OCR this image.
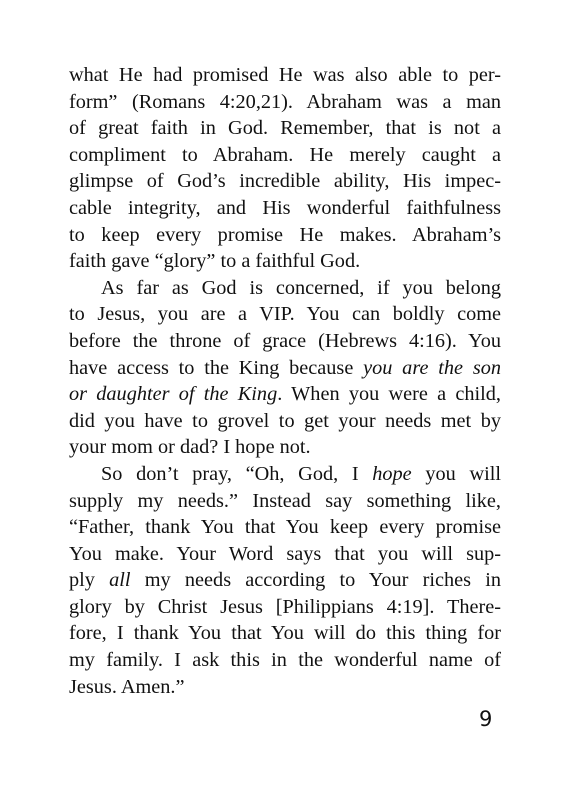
what He had promised He was also able to per-
form” (Romans 4:20,21). Abraham was a man
of great faith in God. Remember, that is not a
compliment to Abraham. He merely caught a
glimpse of God’s incredible ability, His impec-
cable integrity, and His wonderful faithfulness
to keep every promise He makes. Abraham’s
faith gave “glory” to a faithful God.
As far as God is concerned, if you belong
to Jesus, you are a VIP. You can boldly come
before the throne of grace (Hebrews 4:16). You
have access to the King because you are the son
or daughter of the King. When you were a child,
did you have to grovel to get your needs met by
your mom or dad? I hope not.
So don’t pray, “Oh, God, I hope you will
supply my needs.” Instead say something like,
“Father, thank You that You keep every promise
You make. Your Word says that you will sup-
ply all my needs according to Your riches in
glory by Christ Jesus [Philippians 4:19]. There-
fore, I thank You that You will do this thing for
my family. I ask this in the wonderful name of
Jesus. Amen.”
9
